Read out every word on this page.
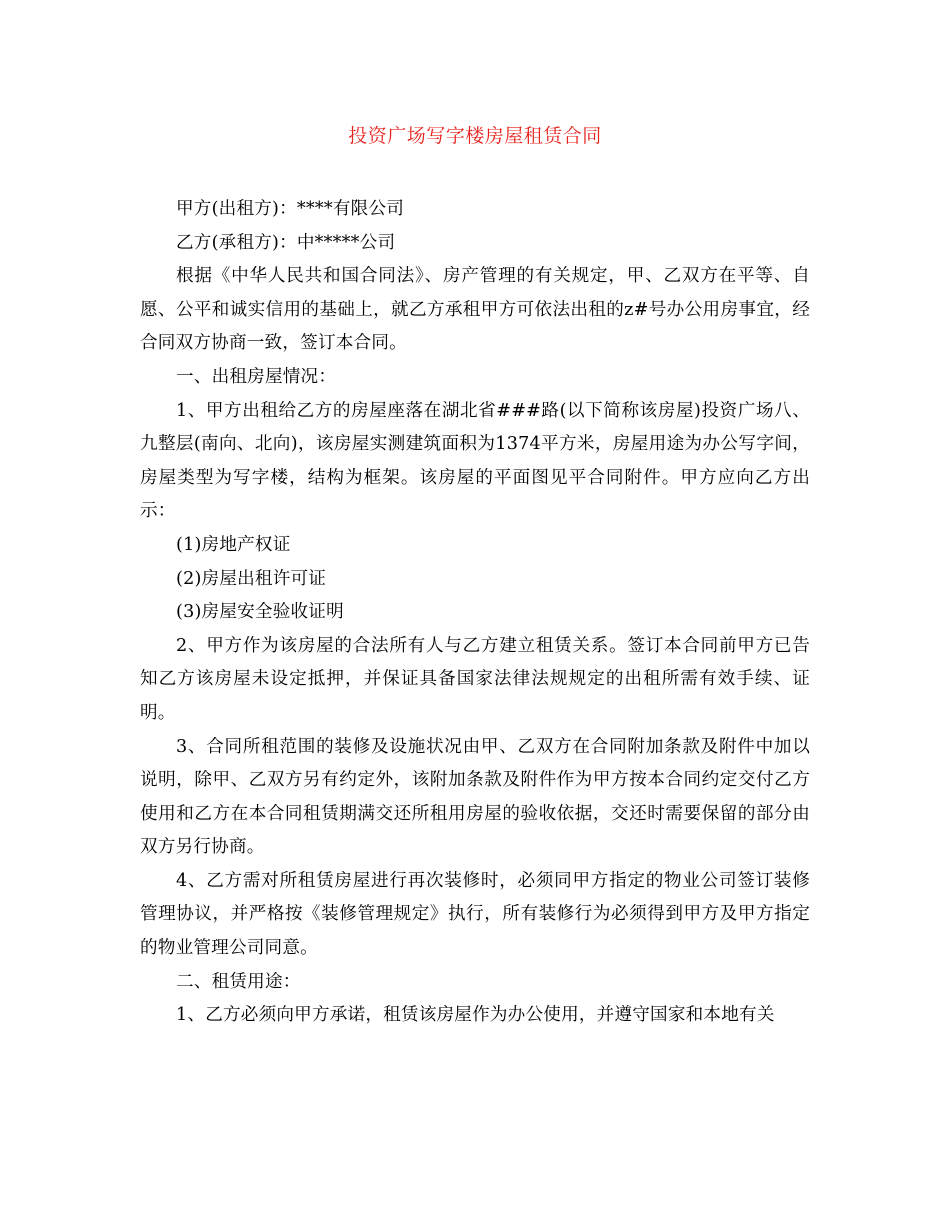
投资广场写字楼房屋租赁合同

甲方(出租方)：****有限公司

乙方(承租方)：中*****公司

根据《中华人民共和国合同法》、房产管理的有关规定，甲、乙双方在平等、自愿、公平和诚实信用的基础上，就乙方承租甲方可依法出租的z#号办公用房事宜，经合同双方协商一致，签订本合同。

一、出租房屋情况：

1、甲方出租给乙方的房屋座落在湖北省###路(以下简称该房屋)投资广场八、九整层(南向、北向)，该房屋实测建筑面积为1374平方米，房屋用途为办公写字间，房屋类型为写字楼，结构为框架。该房屋的平面图见平合同附件。甲方应向乙方出示：

(1)房地产权证

(2)房屋出租许可证

(3)房屋安全验收证明

2、甲方作为该房屋的合法所有人与乙方建立租赁关系。签订本合同前甲方已告知乙方该房屋未设定抵押，并保证具备国家法律法规规定的出租所需有效手续、证明。

3、合同所租范围的装修及设施状况由甲、乙双方在合同附加条款及附件中加以说明，除甲、乙双方另有约定外，该附加条款及附件作为甲方按本合同约定交付乙方使用和乙方在本合同租赁期满交还所租用房屋的验收依据，交还时需要保留的部分由双方另行协商。

4、乙方需对所租赁房屋进行再次装修时，必须同甲方指定的物业公司签订装修管理协议，并严格按《装修管理规定》执行，所有装修行为必须得到甲方及甲方指定的物业管理公司同意。

二、租赁用途：

1、乙方必须向甲方承诺，租赁该房屋作为办公使用，并遵守国家和本地有关
